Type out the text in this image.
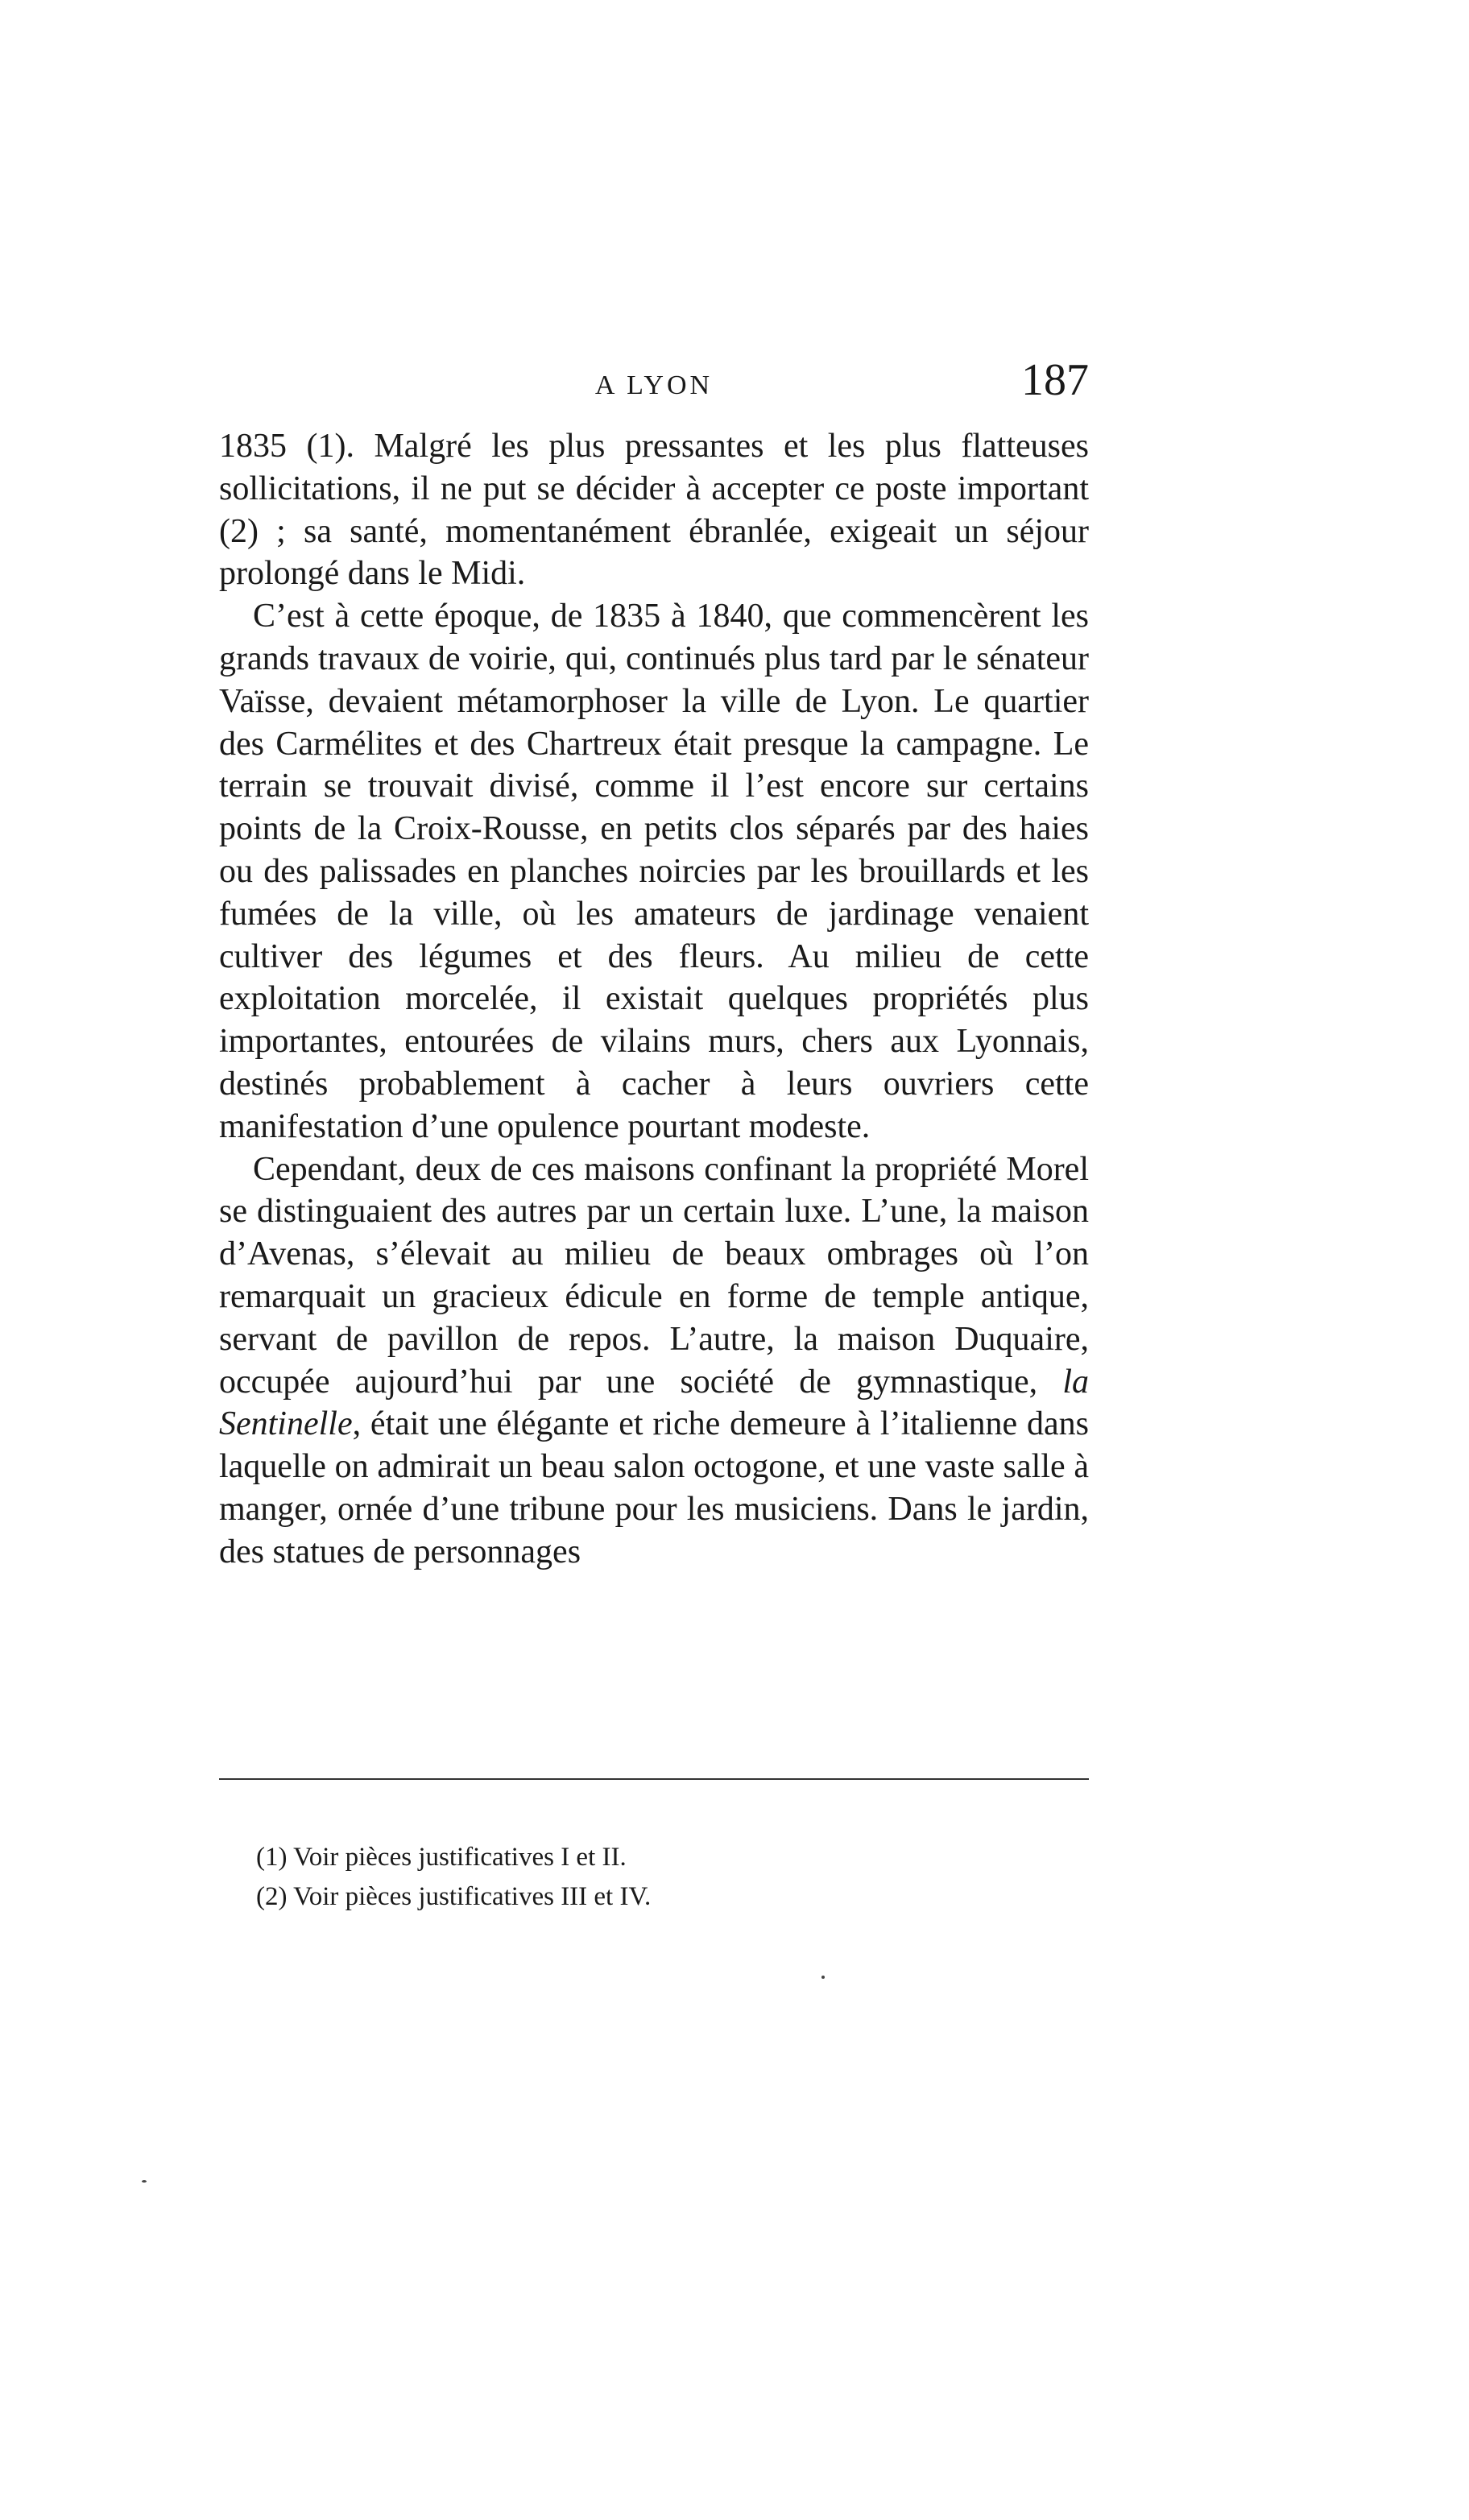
A LYON	187

1835 (1). Malgré les plus pressantes et les plus flatteuses sollicitations, il ne put se décider à accepter ce poste important (2) ; sa santé, momentanément ébranlée, exigeait un séjour prolongé dans le Midi.

C’est à cette époque, de 1835 à 1840, que commencèrent les grands travaux de voirie, qui, continués plus tard par le sénateur Vaïsse, devaient métamorphoser la ville de Lyon. Le quartier des Carmélites et des Chartreux était presque la campagne. Le terrain se trouvait divisé, comme il l’est encore sur certains points de la Croix-Rousse, en petits clos séparés par des haies ou des palissades en planches noircies par les brouillards et les fumées de la ville, où les amateurs de jardinage venaient cultiver des légumes et des fleurs. Au milieu de cette exploitation morcelée, il existait quelques propriétés plus importantes, entourées de vilains murs, chers aux Lyonnais, destinés probablement à cacher à leurs ouvriers cette manifestation d’une opulence pourtant modeste.

Cependant, deux de ces maisons confinant la propriété Morel se distinguaient des autres par un certain luxe. L’une, la maison d’Avenas, s’élevait au milieu de beaux ombrages où l’on remarquait un gracieux édicule en forme de temple antique, servant de pavillon de repos. L’autre, la maison Duquaire, occupée aujourd’hui par une société de gymnastique, la Sentinelle, était une élégante et riche demeure à l’italienne dans laquelle on admirait un beau salon octogone, et une vaste salle à manger, ornée d’une tribune pour les musiciens. Dans le jardin, des statues de personnages

(1) Voir pièces justificatives I et II.
(2) Voir pièces justificatives III et IV.
